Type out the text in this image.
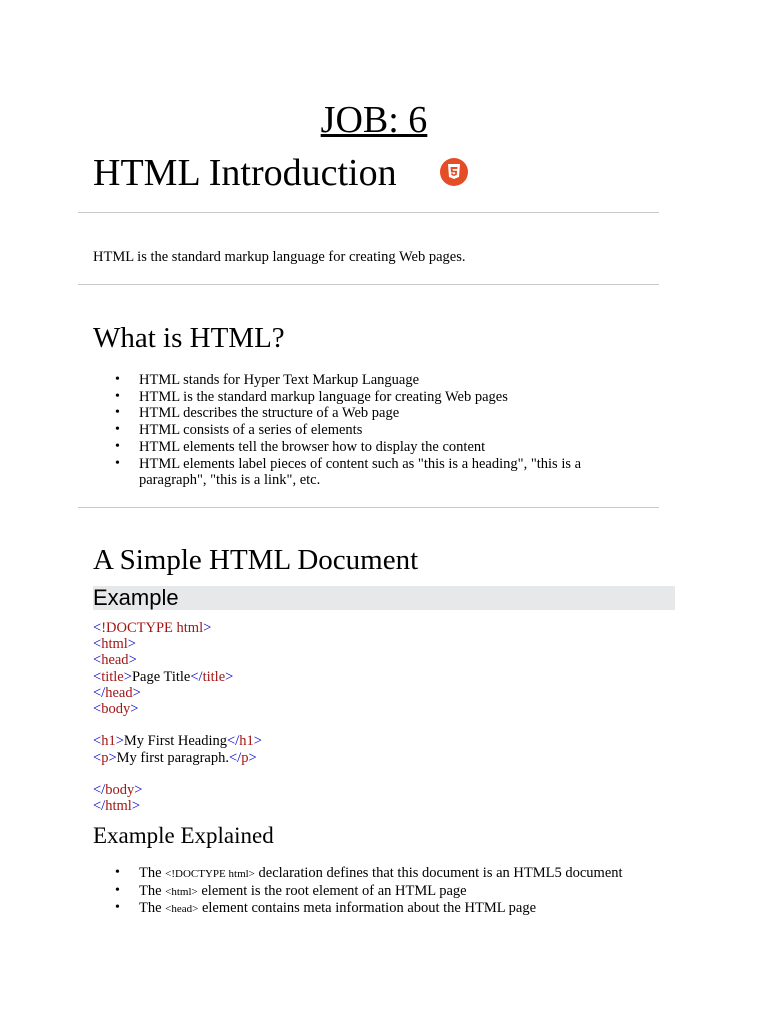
JOB: 6
HTML Introduction

HTML is the standard markup language for creating Web pages.

What is HTML?
• HTML stands for Hyper Text Markup Language
• HTML is the standard markup language for creating Web pages
• HTML describes the structure of a Web page
• HTML consists of a series of elements
• HTML elements tell the browser how to display the content
• HTML elements label pieces of content such as "this is a heading", "this is a paragraph", "this is a link", etc.
A Simple HTML Document
Example
<!DOCTYPE html>
<html>
<head>
<title>Page Title</title>
</head>
<body>
<h1>My First Heading</h1>
<p>My first paragraph.</p>
</body>
</html>
Example Explained
• The <!DOCTYPE html> declaration defines that this document is an HTML5 document
• The <html> element is the root element of an HTML page
• The <head> element contains meta information about the HTML page
